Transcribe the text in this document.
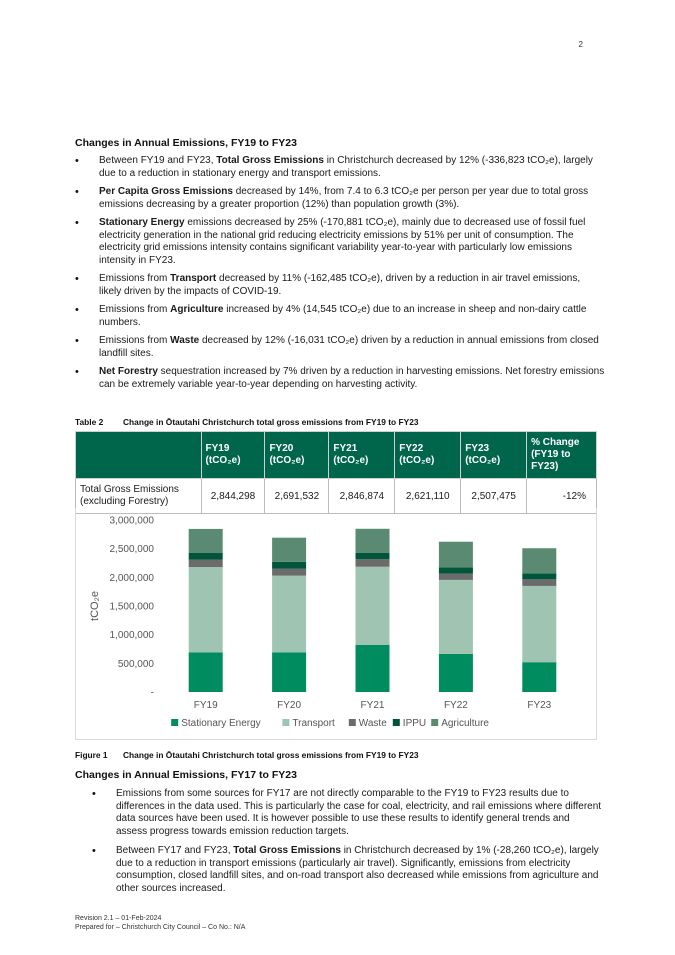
2
Changes in Annual Emissions, FY19 to FY23
• Between FY19 and FY23, Total Gross Emissions in Christchurch decreased by 12% (-336,823 tCO₂e), largely due to a reduction in stationary energy and transport emissions.
• Per Capita Gross Emissions decreased by 14%, from 7.4 to 6.3 tCO₂e per person per year due to total gross emissions decreasing by a greater proportion (12%) than population growth (3%).
• Stationary Energy emissions decreased by 25% (-170,881 tCO₂e), mainly due to decreased use of fossil fuel electricity generation in the national grid reducing electricity emissions by 51% per unit of consumption. The electricity grid emissions intensity contains significant variability year-to-year with particularly low emissions intensity in FY23.
• Emissions from Transport decreased by 11% (-162,485 tCO₂e), driven by a reduction in air travel emissions, likely driven by the impacts of COVID-19.
• Emissions from Agriculture increased by 4% (14,545 tCO₂e) due to an increase in sheep and non-dairy cattle numbers.
• Emissions from Waste decreased by 12% (-16,031 tCO₂e) driven by a reduction in annual emissions from closed landfill sites.
• Net Forestry sequestration increased by 7% driven by a reduction in harvesting emissions. Net forestry emissions can be extremely variable year-to-year depending on harvesting activity.
Table 2 Change in Ōtautahi Christchurch total gross emissions from FY19 to FY23
	FY19 (tCO₂e)	FY20 (tCO₂e)	FY21 (tCO₂e)	FY22 (tCO₂e)	FY23 (tCO₂e)	% Change (FY19 to FY23)
Total Gross Emissions (excluding Forestry)	2,844,298	2,691,532	2,846,874	2,621,110	2,507,475	-12%
-
500,000
1,000,000
1,500,000
2,000,000
2,500,000
3,000,000
tCO₂e
FY19	FY20	FY21	FY22	FY23
Stationary Energy	Transport Waste IPPU Agriculture
Figure 1 Change in Ōtautahi Christchurch total gross emissions from FY19 to FY23
Changes in Annual Emissions, FY17 to FY23
• Emissions from some sources for FY17 are not directly comparable to the FY19 to FY23 results due to differences in the data used. This is particularly the case for coal, electricity, and rail emissions where different data sources have been used. It is however possible to use these results to identify general trends and assess progress towards emission reduction targets.
• Between FY17 and FY23, Total Gross Emissions in Christchurch decreased by 1% (-28,260 tCO₂e), largely due to a reduction in transport emissions (particularly air travel). Significantly, emissions from electricity consumption, closed landfill sites, and on-road transport also decreased while emissions from agriculture and other sources increased.
Revision 2.1 – 01-Feb-2024
Prepared for – Christchurch City Council – Co No.: N/A
